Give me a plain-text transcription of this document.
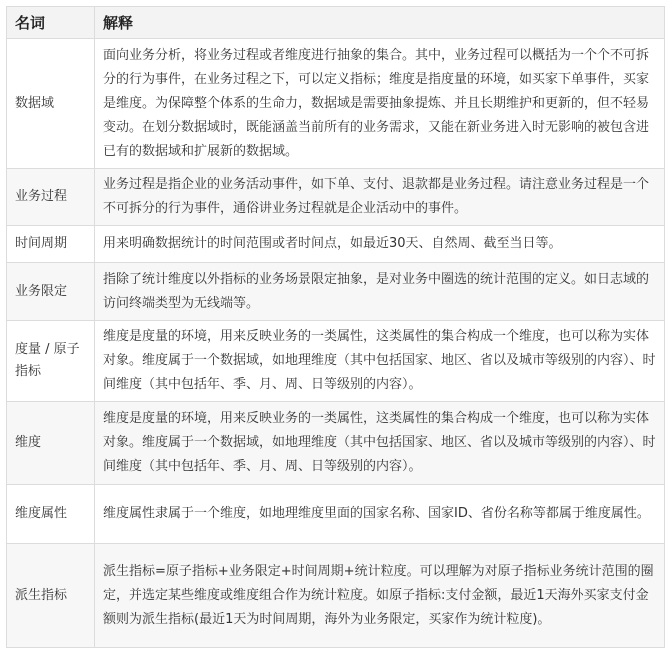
名词	解释
数据域	面向业务分析，将业务过程或者维度进行抽象的集合。其中，业务过程可以概括为一个个不可拆分的行为事件，在业务过程之下，可以定义指标；维度是指度量的环境，如买家下单事件，买家是维度。为保障整个体系的生命力，数据域是需要抽象提炼、并且长期维护和更新的，但不轻易变动。在划分数据域时，既能涵盖当前所有的业务需求，又能在新业务进入时无影响的被包含进已有的数据域和扩展新的数据域。
业务过程	业务过程是指企业的业务活动事件，如下单、支付、退款都是业务过程。请注意业务过程是一个不可拆分的行为事件，通俗讲业务过程就是企业活动中的事件。
时间周期	用来明确数据统计的时间范围或者时间点，如最近30天、自然周、截至当日等。
业务限定	指除了统计维度以外指标的业务场景限定抽象，是对业务中圈选的统计范围的定义。如日志域的访问终端类型为无线端等。
度量 / 原子指标	维度是度量的环境，用来反映业务的一类属性，这类属性的集合构成一个维度，也可以称为实体对象。维度属于一个数据域，如地理维度（其中包括国家、地区、省以及城市等级别的内容）、时间维度（其中包括年、季、月、周、日等级别的内容）。
维度	维度是度量的环境，用来反映业务的一类属性，这类属性的集合构成一个维度，也可以称为实体对象。维度属于一个数据域，如地理维度（其中包括国家、地区、省以及城市等级别的内容）、时间维度（其中包括年、季、月、周、日等级别的内容）。
维度属性	维度属性隶属于一个维度，如地理维度里面的国家名称、国家ID、省份名称等都属于维度属性。
派生指标	派生指标=原子指标+业务限定+时间周期+统计粒度。可以理解为对原子指标业务统计范围的圈定，并选定某些维度或维度组合作为统计粒度。如原子指标:支付金额，最近1天海外买家支付金额则为派生指标(最近1天为时间周期，海外为业务限定，买家作为统计粒度)。
